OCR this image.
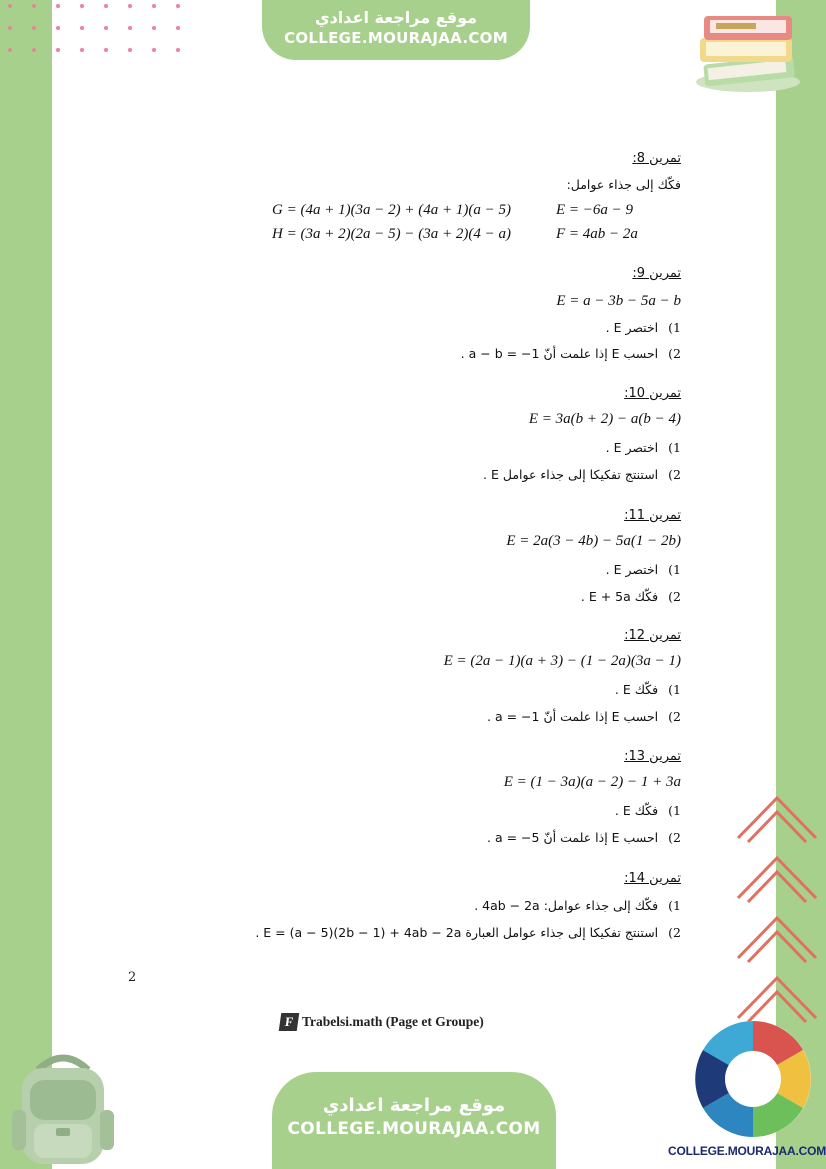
موقع مراجعة اعدادي
COLLEGE.MOURAJAA.COM
تمرين 8:
فكّك إلى جذاء عوامل:
E = −6a − 9
F = 4ab − 2a
G = (4a + 1)(3a − 2) + (4a + 1)(a − 5)
H = (3a + 2)(2a − 5) − (3a + 2)(4 − a)
تمرين 9:
E = a − 3b − 5a − b
1)اختصر E .
2)احسب E إذا علمت أنّ a − b = −1 .
تمرين 10:
E = 3a(b + 2) − a(b − 4)
1)اختصر E .
2)استنتج تفكيكا إلى جذاء عوامل E .
تمرين 11:
E = 2a(3 − 4b) − 5a(1 − 2b)
1)اختصر E .
2)فكّك E + 5a .
تمرين 12:
E = (2a − 1)(a + 3) − (1 − 2a)(3a − 1)
1)فكّك E .
2)احسب E إذا علمت أنّ a = −1 .
تمرين 13:
E = (1 − 3a)(a − 2) − 1 + 3a
1)فكّك E .
2)احسب E إذا علمت أنّ a = −5 .
تمرين 14:
1)فكّك إلى جذاء عوامل: 4ab − 2a .
2)استنتج تفكيكا إلى جذاء عوامل العبارة E = (a − 5)(2b − 1) + 4ab − 2a .
2
F Trabelsi.math (Page et Groupe)
موقع مراجعة اعدادي
COLLEGE.MOURAJAA.COM
COLLEGE.MOURAJAA.COM
